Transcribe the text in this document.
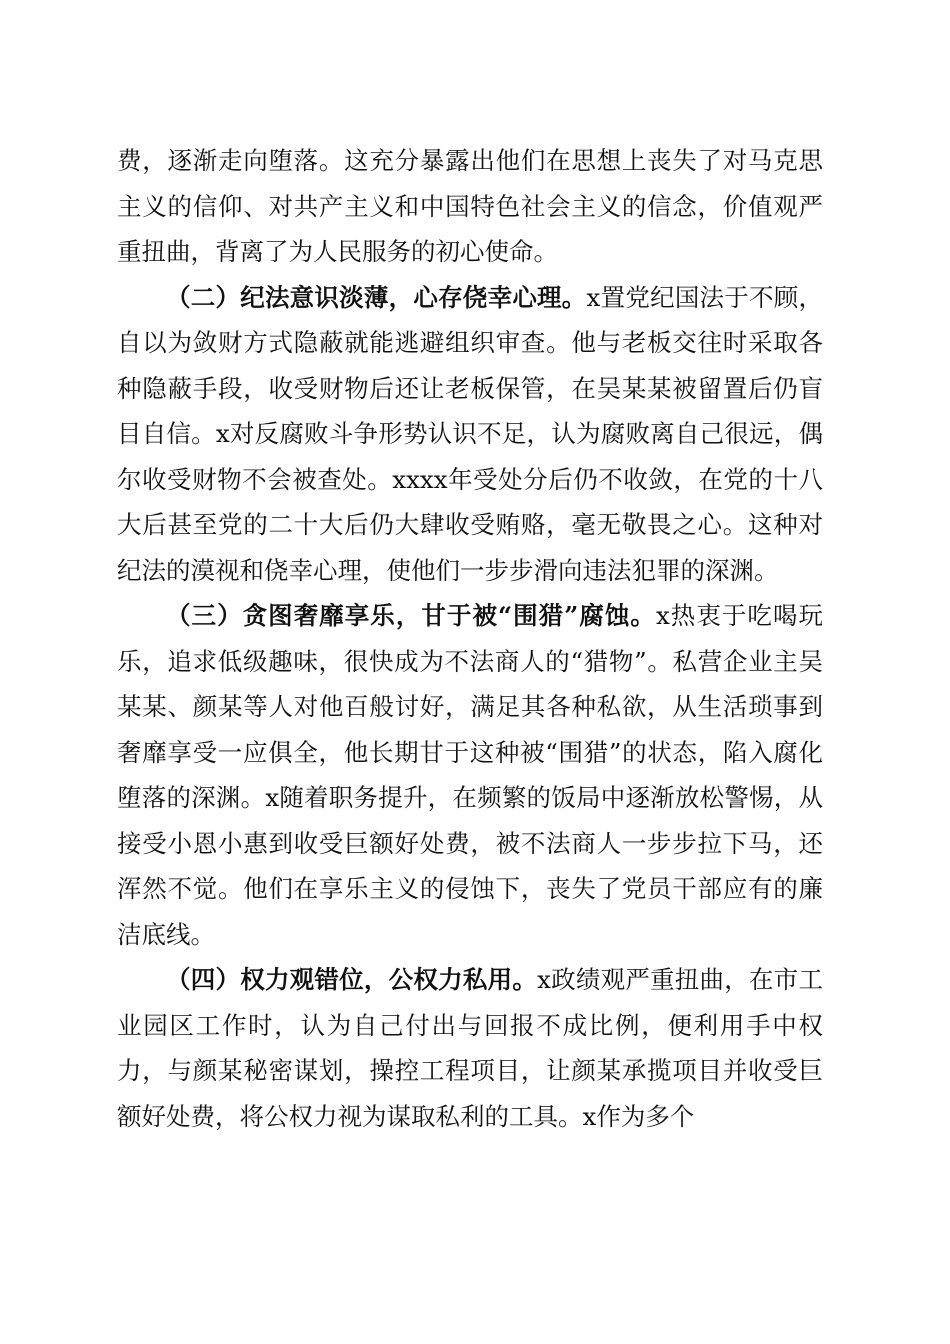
费，逐渐走向堕落。这充分暴露出他们在思想上丧失了对马克思主义的信仰、对共产主义和中国特色社会主义的信念，价值观严重扭曲，背离了为人民服务的初心使命。

（二）纪法意识淡薄，心存侥幸心理。x置党纪国法于不顾，自以为敛财方式隐蔽就能逃避组织审查。他与老板交往时采取各种隐蔽手段，收受财物后还让老板保管，在吴某某被留置后仍盲目自信。x对反腐败斗争形势认识不足，认为腐败离自己很远，偶尔收受财物不会被查处。xxxx年受处分后仍不收敛，在党的十八大后甚至党的二十大后仍大肆收受贿赂，毫无敬畏之心。这种对纪法的漠视和侥幸心理，使他们一步步滑向违法犯罪的深渊。

（三）贪图奢靡享乐，甘于被“围猎”腐蚀。x热衷于吃喝玩乐，追求低级趣味，很快成为不法商人的“猎物”。私营企业主吴某某、颜某等人对他百般讨好，满足其各种私欲，从生活琐事到奢靡享受一应俱全，他长期甘于这种被“围猎”的状态，陷入腐化堕落的深渊。x随着职务提升，在频繁的饭局中逐渐放松警惕，从接受小恩小惠到收受巨额好处费，被不法商人一步步拉下马，还浑然不觉。他们在享乐主义的侵蚀下，丧失了党员干部应有的廉洁底线。

（四）权力观错位，公权力私用。x政绩观严重扭曲，在市工业园区工作时，认为自己付出与回报不成比例，便利用手中权力，与颜某秘密谋划，操控工程项目，让颜某承揽项目并收受巨额好处费，将公权力视为谋取私利的工具。x作为多个
